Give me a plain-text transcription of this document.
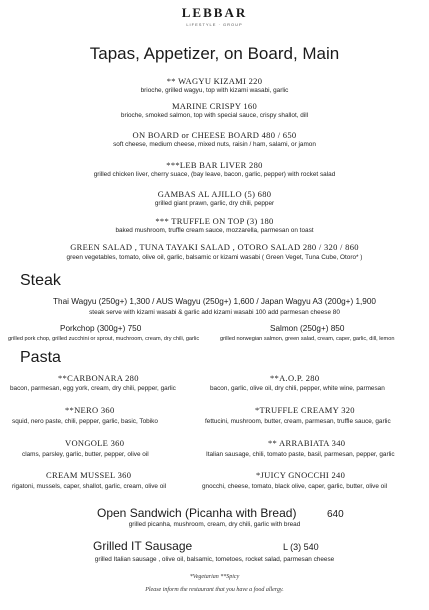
LEBBAR
LIFESTYLE · GROUP
Tapas, Appetizer, on Board, Main
** WAGYU KIZAMI 220
brioche, grilled wagyu, top with kizami wasabi, garlic
MARINE CRISPY 160
brioche, smoked salmon, top with special sauce, crispy shallot, dill
ON BOARD or CHEESE BOARD 480 / 650
soft cheese, medium cheese, mixed nuts, raisin / ham, salami, or jamon
***LEB BAR LIVER 280
grilled chicken liver, cherry suace, (bay leave, bacon, garlic, pepper) with rocket salad
GAMBAS AL AJILLO (5) 680
grilled giant prawn, garlic, dry chili, pepper
*** TRUFFLE ON TOP (3) 180
baked mushroom, truffle cream sauce, mozzarella, parmesan on toast
GREEN SALAD , TUNA TAYAKI SALAD , OTORO SALAD 280 / 320 / 860
green vegetables, tomato, olive oil, garlic, balsamic or kizami wasabi ( Green Veget, Tuna Cube, Otoro* )
Steak
Thai Wagyu (250g+) 1,300 / AUS Wagyu (250g+) 1,600 / Japan Wagyu A3 (200g+) 1,900
steak serve with kizami wasabi & garlic add kizami wasabi 100 add parmesan cheese 80
Porkchop (300g+) 750
grilled pork chop, grilled zucchini or sprout, muchroom, cream, dry chili, garlic
Salmon (250g+) 850
grilled norwegian salmon, green salad, cream, caper, garlic, dill, lemon
Pasta
**CARBONARA 280
bacon, parmesan, egg york, cream, dry chili, pepper, garlic
**A.O.P. 280
bacon, garlic, olive oil, dry chili, pepper, white wine, parmesan
**NERO 360
squid, nero paste, chili, pepper, garlic, basic, Tobiko
*TRUFFLE CREAMY 320
fettucini, mushroom, butter, cream, parmesan, truffle sauce, garlic
VONGOLE 360
clams, parsley, garlic, butter, pepper, olive oil
** ARRABIATA 340
Italian sausage, chili, tomato paste, basil, parmesan, pepper, garlic
CREAM MUSSEL 360
rigatoni, mussels, caper, shallot, garlic, cream, olive oil
*JUICY GNOCCHI 240
gnocchi, cheese, tomato, black olive, caper, garlic, butter, olive oil
Open Sandwich (Picanha with Bread)	640
grilled picanha, mushroom, cream, dry chili, garlic with bread
Grilled IT Sausage	L (3) 540
grilled Italian sausage , olive oil, balsamic, tometoes, rocket salad, parmesan cheese
*Vegetarian **Spicy
Please inform the restaurant that you have a food allergy.
